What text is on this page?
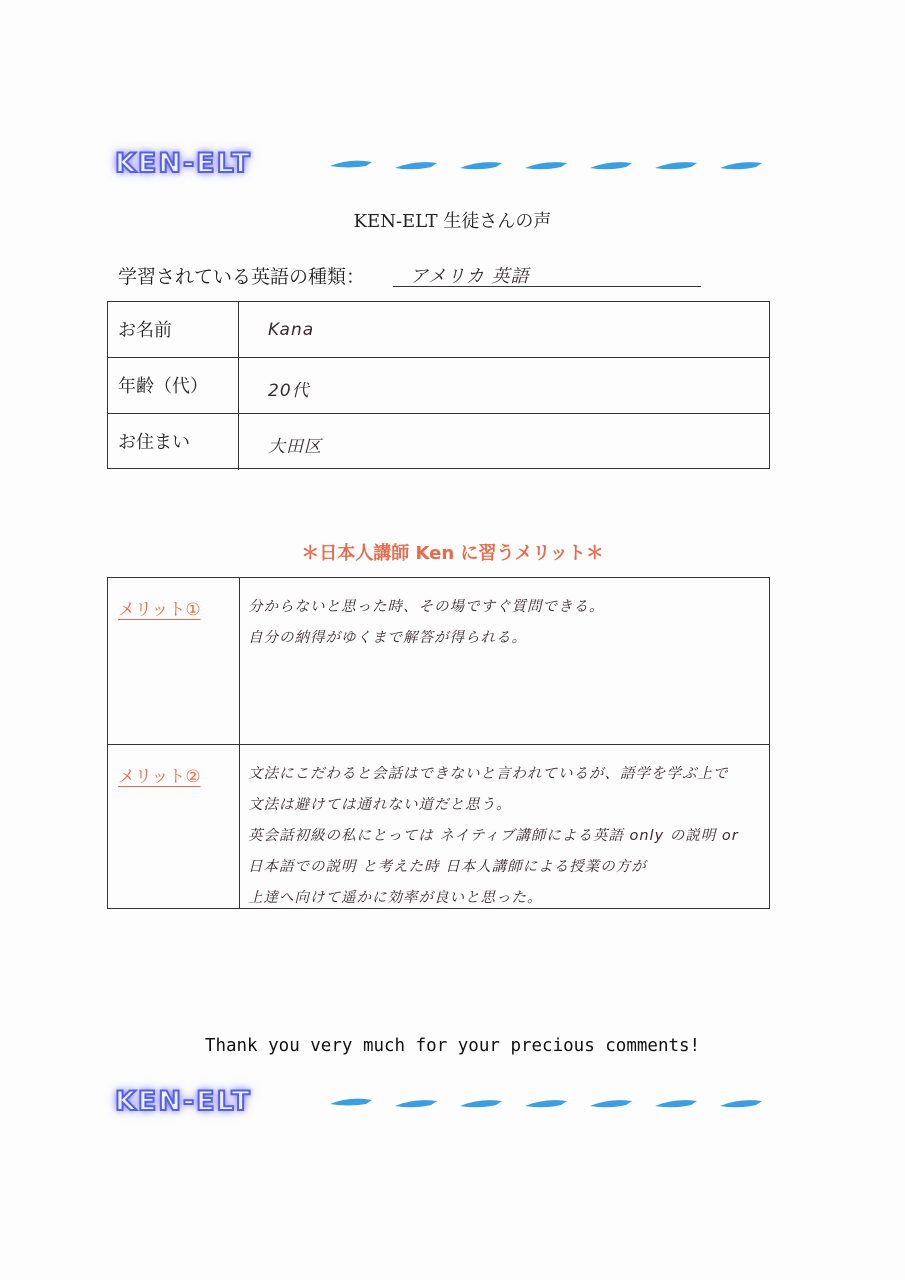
KEN-ELT
KEN-ELT 生徒さんの声
学習されている英語の種類： アメリカ 英語
お名前	Kana
年齢（代）	20代
お住まい	大田区
＊日本人講師 Ken に習うメリット＊
メリット①	分からないと思った時、その場ですぐ質問できる。
自分の納得がゆくまで解答が得られる。
メリット②	文法にこだわると会話はできないと言われているが、語学を学ぶ上で
文法は避けては通れない道だと思う。
英会話初級の私にとっては ネイティブ講師による英語 only の説明 or
日本語での説明 と考えた時 日本人講師による授業の方が
上達へ向けて遥かに効率が良いと思った。
Thank you very much for your precious comments!
KEN-ELT
